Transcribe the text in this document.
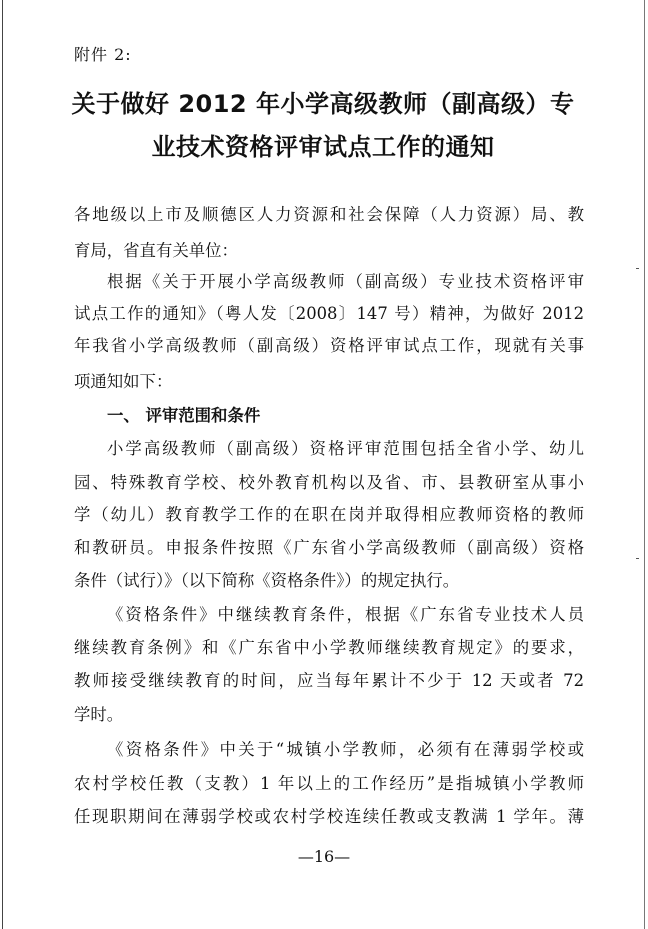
附件 2:
关于做好 2012 年小学高级教师（副高级）专
业技术资格评审试点工作的通知
各地级以上市及顺德区人力资源和社会保障（人力资源）局、教
育局，省直有关单位：
根据《关于开展小学高级教师（副高级）专业技术资格评审
试点工作的通知》（粤人发〔2008〕147 号）精神，为做好 2012
年我省小学高级教师（副高级）资格评审试点工作，现就有关事
项通知如下：
一、 评审范围和条件
小学高级教师（副高级）资格评审范围包括全省小学、幼儿
园、特殊教育学校、校外教育机构以及省、市、县教研室从事小
学（幼儿）教育教学工作的在职在岗并取得相应教师资格的教师
和教研员。申报条件按照《广东省小学高级教师（副高级）资格
条件（试行）》（以下简称《资格条件》）的规定执行。
《资格条件》中继续教育条件，根据《广东省专业技术人员
继续教育条例》和《广东省中小学教师继续教育规定》的要求，
教师接受继续教育的时间，应当每年累计不少于 12 天或者 72
学时。
《资格条件》中关于“城镇小学教师，必须有在薄弱学校或
农村学校任教（支教）1 年以上的工作经历”是指城镇小学教师
任现职期间在薄弱学校或农村学校连续任教或支教满 1 学年。薄
—16—
